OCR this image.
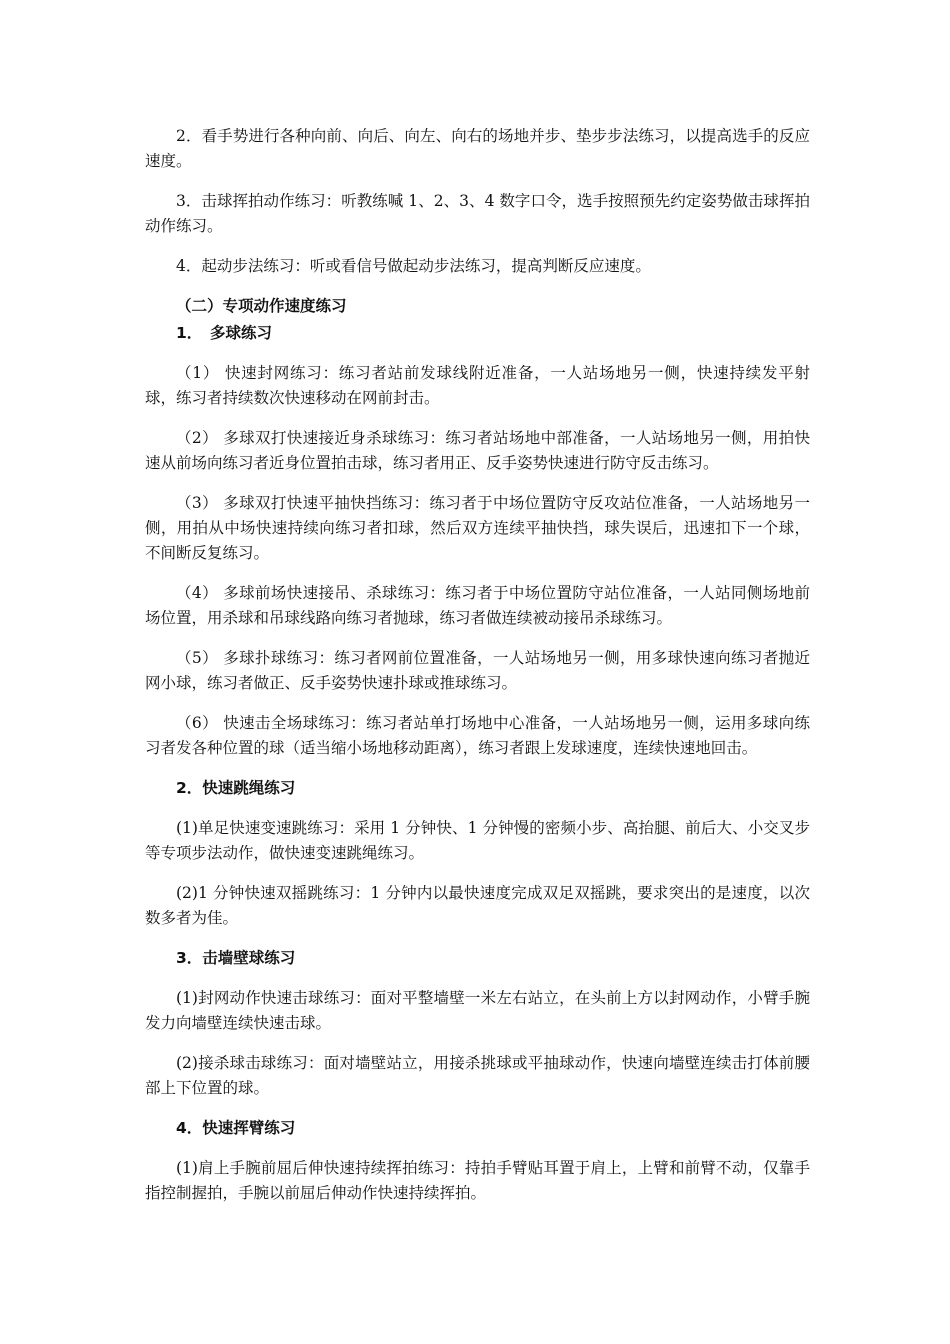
2．看手势进行各种向前、向后、向左、向右的场地并步、垫步步法练习，以提高选手的反应速度。

3．击球挥拍动作练习：听教练喊 1、2、3、4 数字口令，选手按照预先约定姿势做击球挥拍动作练习。

4．起动步法练习：听或看信号做起动步法练习，提高判断反应速度。

（二）专项动作速度练习
1．　多球练习

（1） 快速封网练习：练习者站前发球线附近准备，一人站场地另一侧，快速持续发平射球，练习者持续数次快速移动在网前封击。

（2） 多球双打快速接近身杀球练习：练习者站场地中部准备，一人站场地另一侧，用拍快速从前场向练习者近身位置拍击球，练习者用正、反手姿势快速进行防守反击练习。

（3） 多球双打快速平抽快挡练习：练习者于中场位置防守反攻站位准备，一人站场地另一侧，用拍从中场快速持续向练习者扣球，然后双方连续平抽快挡，球失误后，迅速扣下一个球，不间断反复练习。

（4） 多球前场快速接吊、杀球练习：练习者于中场位置防守站位准备，一人站同侧场地前场位置，用杀球和吊球线路向练习者抛球，练习者做连续被动接吊杀球练习。

（5） 多球扑球练习：练习者网前位置准备，一人站场地另一侧，用多球快速向练习者抛近网小球，练习者做正、反手姿势快速扑球或推球练习。

（6） 快速击全场球练习：练习者站单打场地中心准备，一人站场地另一侧，运用多球向练习者发各种位置的球（适当缩小场地移动距离），练习者跟上发球速度，连续快速地回击。

2．快速跳绳练习

(1)单足快速变速跳练习：采用 1 分钟快、1 分钟慢的密频小步、高抬腿、前后大、小交叉步等专项步法动作，做快速变速跳绳练习。

(2)1 分钟快速双摇跳练习：1 分钟内以最快速度完成双足双摇跳，要求突出的是速度，以次数多者为佳。

3．击墙壁球练习

(1)封网动作快速击球练习：面对平整墙壁一米左右站立，在头前上方以封网动作，小臂手腕发力向墙壁连续快速击球。

(2)接杀球击球练习：面对墙壁站立，用接杀挑球或平抽球动作，快速向墙壁连续击打体前腰部上下位置的球。

4．快速挥臂练习

(1)肩上手腕前屈后伸快速持续挥拍练习：持拍手臂贴耳置于肩上，上臂和前臂不动，仅靠手指控制握拍，手腕以前屈后伸动作快速持续挥拍。
